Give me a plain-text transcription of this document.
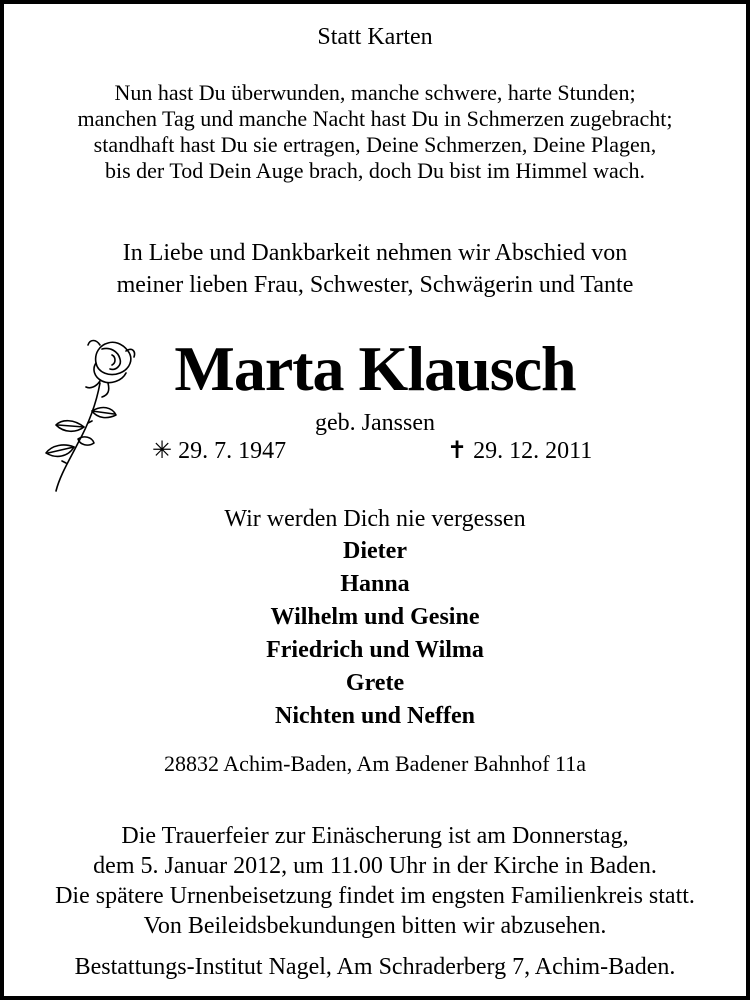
Statt Karten
Nun hast Du überwunden, manche schwere, harte Stunden;
manchen Tag und manche Nacht hast Du in Schmerzen zugebracht;
standhaft hast Du sie ertragen, Deine Schmerzen, Deine Plagen,
bis der Tod Dein Auge brach, doch Du bist im Himmel wach.
In Liebe und Dankbarkeit nehmen wir Abschied von
meiner lieben Frau, Schwester, Schwägerin und Tante
Marta Klausch
geb. Janssen
✳ 29. 7. 1947	✝ 29. 12. 2011
Wir werden Dich nie vergessen
Dieter
Hanna
Wilhelm und Gesine
Friedrich und Wilma
Grete
Nichten und Neffen
28832 Achim-Baden, Am Badener Bahnhof 11a
Die Trauerfeier zur Einäscherung ist am Donnerstag,
dem 5. Januar 2012, um 11.00 Uhr in der Kirche in Baden.
Die spätere Urnenbeisetzung findet im engsten Familienkreis statt.
Von Beileidsbekundungen bitten wir abzusehen.
Bestattungs-Institut Nagel, Am Schraderberg 7, Achim-Baden.
